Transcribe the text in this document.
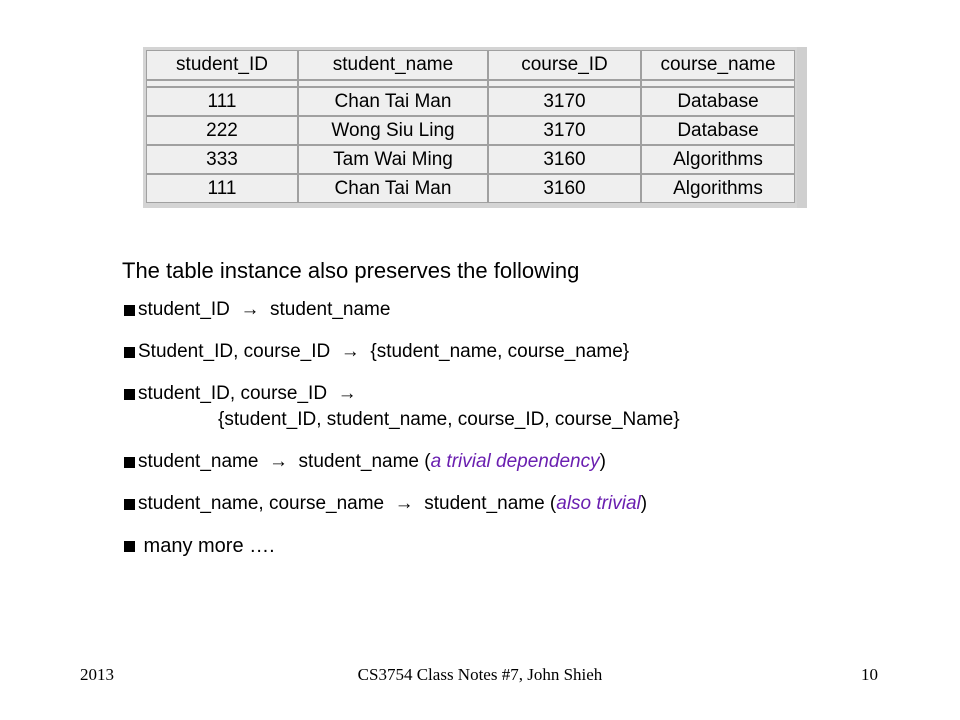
student_ID	student_name	course_ID	course_name

111	Chan Tai Man	3170	Database
222	Wong Siu Ling	3170	Database
333	Tam Wai Ming	3160	Algorithms
111	Chan Tai Man	3160	Algorithms

The table instance also preserves the following

student_ID → student_name
Student_ID, course_ID → {student_name, course_name}
student_ID, course_ID →
{student_ID, student_name, course_ID, course_Name}
student_name → student_name (a trivial dependency)
student_name, course_name → student_name (also trivial)
many more ….
2013	CS3754 Class Notes #7, John Shieh	10
